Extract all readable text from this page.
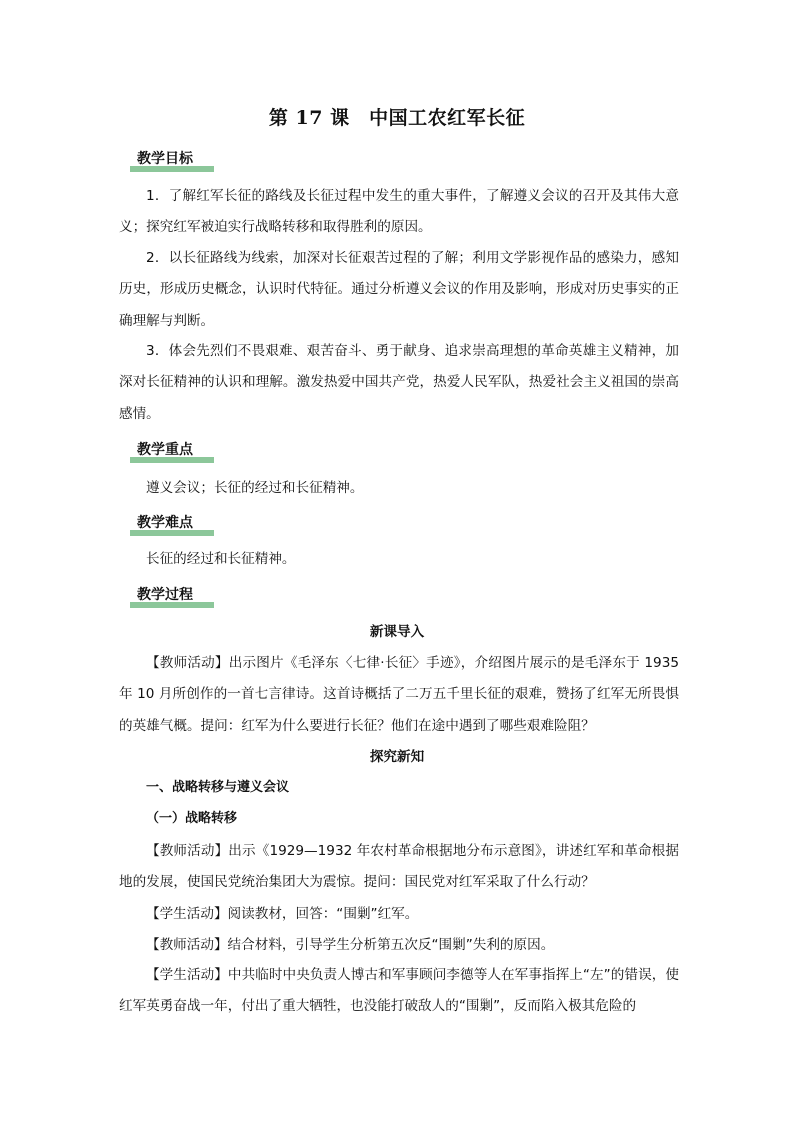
第 17 课　中国工农红军长征
教学目标
1．了解红军长征的路线及长征过程中发生的重大事件，了解遵义会议的召开及其伟大意义；探究红军被迫实行战略转移和取得胜利的原因。
2．以长征路线为线索，加深对长征艰苦过程的了解；利用文学影视作品的感染力，感知历史，形成历史概念，认识时代特征。通过分析遵义会议的作用及影响，形成对历史事实的正确理解与判断。
3．体会先烈们不畏艰难、艰苦奋斗、勇于献身、追求崇高理想的革命英雄主义精神，加深对长征精神的认识和理解。激发热爱中国共产党，热爱人民军队，热爱社会主义祖国的崇高感情。
教学重点
遵义会议；长征的经过和长征精神。
教学难点
长征的经过和长征精神。
教学过程
新课导入
【教师活动】出示图片《毛泽东〈七律·长征〉手迹》，介绍图片展示的是毛泽东于 1935 年 10 月所创作的一首七言律诗。这首诗概括了二万五千里长征的艰难，赞扬了红军无所畏惧的英雄气概。提问：红军为什么要进行长征？他们在途中遇到了哪些艰难险阻？
探究新知
一、战略转移与遵义会议
（一）战略转移
【教师活动】出示《1929—1932 年农村革命根据地分布示意图》，讲述红军和革命根据地的发展，使国民党统治集团大为震惊。提问：国民党对红军采取了什么行动？
【学生活动】阅读教材，回答：“围剿”红军。
【教师活动】结合材料，引导学生分析第五次反“围剿”失利的原因。
【学生活动】中共临时中央负责人博古和军事顾问李德等人在军事指挥上“左”的错误，使红军英勇奋战一年，付出了重大牺牲，也没能打破敌人的“围剿”，反而陷入极其危险的
